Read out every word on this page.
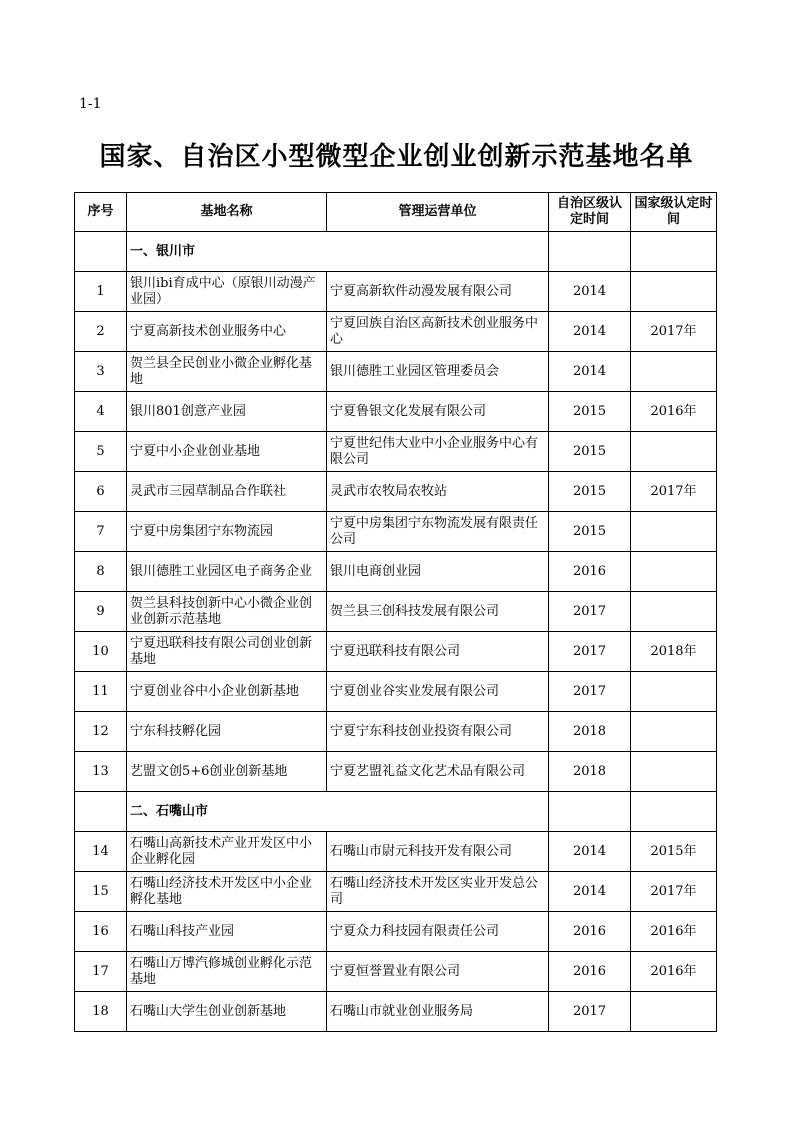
1-1
国家、自治区小型微型企业创业创新示范基地名单
序号	基地名称	管理运营单位	自治区级认定时间	国家级认定时间
	一、银川市			
1	银川ibi育成中心（原银川动漫产业园）	宁夏高新软件动漫发展有限公司	2014	
2	宁夏高新技术创业服务中心	宁夏回族自治区高新技术创业服务中心	2014	2017年
3	贺兰县全民创业小微企业孵化基地	银川德胜工业园区管理委员会	2014	
4	银川801创意产业园	宁夏鲁银文化发展有限公司	2015	2016年
5	宁夏中小企业创业基地	宁夏世纪伟大业中小企业服务中心有限公司	2015	
6	灵武市三园草制品合作联社	灵武市农牧局农牧站	2015	2017年
7	宁夏中房集团宁东物流园	宁夏中房集团宁东物流发展有限责任公司	2015	
8	银川德胜工业园区电子商务企业	银川电商创业园	2016	
9	贺兰县科技创新中心小微企业创业创新示范基地	贺兰县三创科技发展有限公司	2017	
10	宁夏迅联科技有限公司创业创新基地	宁夏迅联科技有限公司	2017	2018年
11	宁夏创业谷中小企业创新基地	宁夏创业谷实业发展有限公司	2017	
12	宁东科技孵化园	宁夏宁东科技创业投资有限公司	2018	
13	艺盟文创5+6创业创新基地	宁夏艺盟礼益文化艺术品有限公司	2018	
	二、石嘴山市			
14	石嘴山高新技术产业开发区中小企业孵化园	石嘴山市尉元科技开发有限公司	2014	2015年
15	石嘴山经济技术开发区中小企业孵化基地	石嘴山经济技术开发区实业开发总公司	2014	2017年
16	石嘴山科技产业园	宁夏众力科技园有限责任公司	2016	2016年
17	石嘴山万博汽修城创业孵化示范基地	宁夏恒誉置业有限公司	2016	2016年
18	石嘴山大学生创业创新基地	石嘴山市就业创业服务局	2017	
